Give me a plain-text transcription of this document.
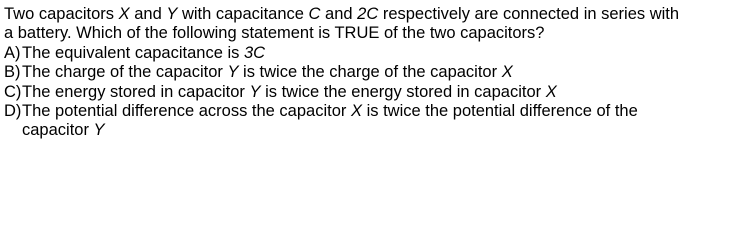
Two capacitors X and Y with capacitance C and 2C respectively are connected in series with
a battery. Which of the following statement is TRUE of the two capacitors?
A) The equivalent capacitance is 3C
B) The charge of the capacitor Y is twice the charge of the capacitor X
C) The energy stored in capacitor Y is twice the energy stored in capacitor X
D) The potential difference across the capacitor X is twice the potential difference of the capacitor Y
